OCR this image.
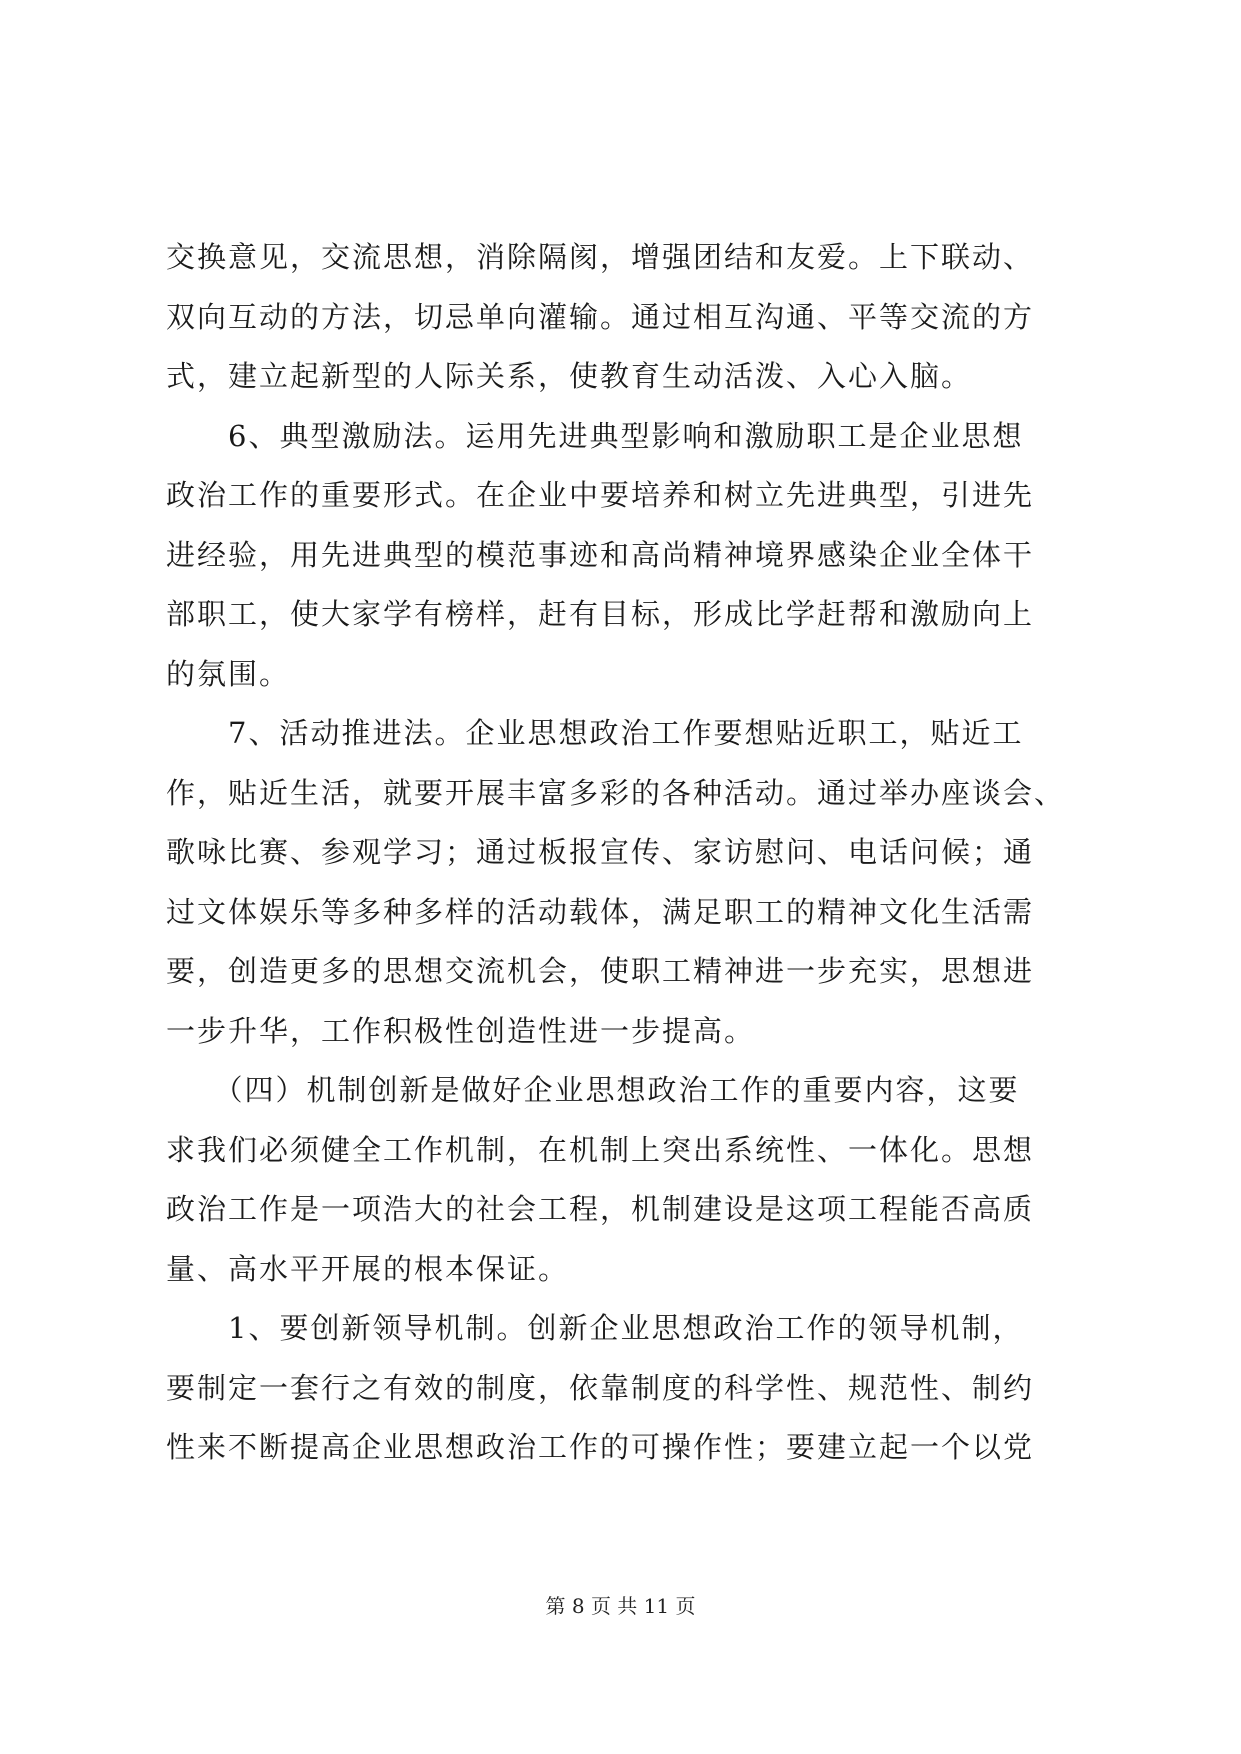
交换意见，交流思想，消除隔阂，增强团结和友爱。上下联动、
双向互动的方法，切忌单向灌输。通过相互沟通、平等交流的方
式，建立起新型的人际关系，使教育生动活泼、入心入脑。
　　6、典型激励法。运用先进典型影响和激励职工是企业思想
政治工作的重要形式。在企业中要培养和树立先进典型，引进先
进经验，用先进典型的模范事迹和高尚精神境界感染企业全体干
部职工，使大家学有榜样，赶有目标，形成比学赶帮和激励向上
的氛围。
　　7、活动推进法。企业思想政治工作要想贴近职工，贴近工
作，贴近生活，就要开展丰富多彩的各种活动。通过举办座谈会、
歌咏比赛、参观学习；通过板报宣传、家访慰问、电话问候；通
过文体娱乐等多种多样的活动载体，满足职工的精神文化生活需
要，创造更多的思想交流机会，使职工精神进一步充实，思想进
一步升华，工作积极性创造性进一步提高。
　　（四）机制创新是做好企业思想政治工作的重要内容，这要
求我们必须健全工作机制，在机制上突出系统性、一体化。思想
政治工作是一项浩大的社会工程，机制建设是这项工程能否高质
量、高水平开展的根本保证。
　　1、要创新领导机制。创新企业思想政治工作的领导机制，
要制定一套行之有效的制度，依靠制度的科学性、规范性、制约
性来不断提高企业思想政治工作的可操作性；要建立起一个以党
第 8 页 共 11 页
